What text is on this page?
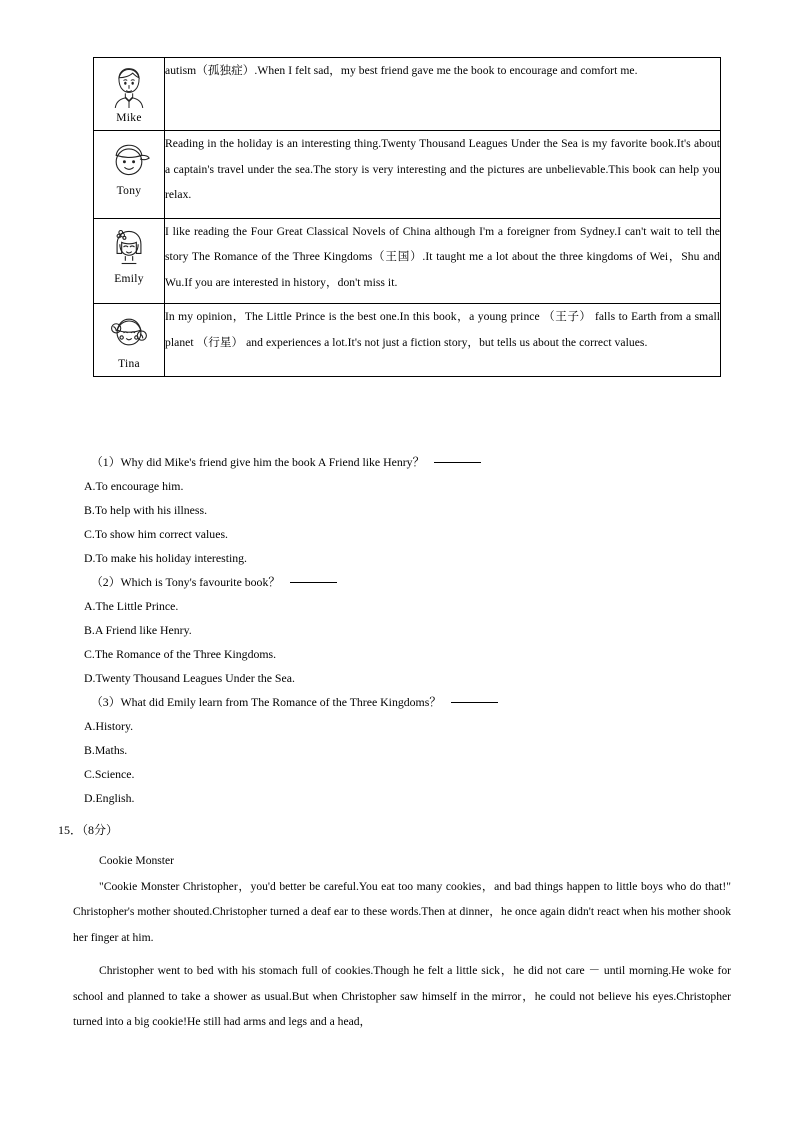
Mike	autism（孤独症）.When I felt sad，my best friend gave me the book to encourage and comfort me.

Tony	Reading in the holiday is an interesting thing.Twenty Thousand Leagues Under the Sea is my favorite book.It's about a captain's travel under the sea.The story is very interesting and the pictures are unbelievable.This book can help you relax.

Emily	I like reading the Four Great Classical Novels of China although I'm a foreigner from Sydney.I can't wait to tell the story The Romance of the Three Kingdoms（王国）.It taught me a lot about the three kingdoms of Wei，Shu and Wu.If you are interested in history，don't miss it.

Tina	In my opinion，The Little Prince is the best one.In this book，a young prince （王子） falls to Earth from a small planet （行星） and experiences a lot.It's not just a fiction story，but tells us about the correct values.

（1）Why did Mike's friend give him the book A Friend like Henry？

A.To encourage him.

B.To help with his illness.

C.To show him correct values.

D.To make his holiday interesting.

（2）Which is Tony's favourite book？

A.The Little Prince.

B.A Friend like Henry.

C.The Romance of the Three Kingdoms.

D.Twenty Thousand Leagues Under the Sea.

（3）What did Emily learn from The Romance of the Three Kingdoms？

A.History.

B.Maths.

C.Science.

D.English.

15．（8分）

Cookie Monster

"Cookie Monster Christopher，you'd better be careful.You eat too many cookies，and bad things happen to little boys who do that!" Christopher's mother shouted.Christopher turned a deaf ear to these words.Then at dinner，he once again didn't react when his mother shook her finger at him.

Christopher went to bed with his stomach full of cookies.Though he felt a little sick，he did not care － until morning.He woke for school and planned to take a shower as usual.But when Christopher saw himself in the mirror，he could not believe his eyes.Christopher turned into a big cookie!He still had arms and legs and a head，
